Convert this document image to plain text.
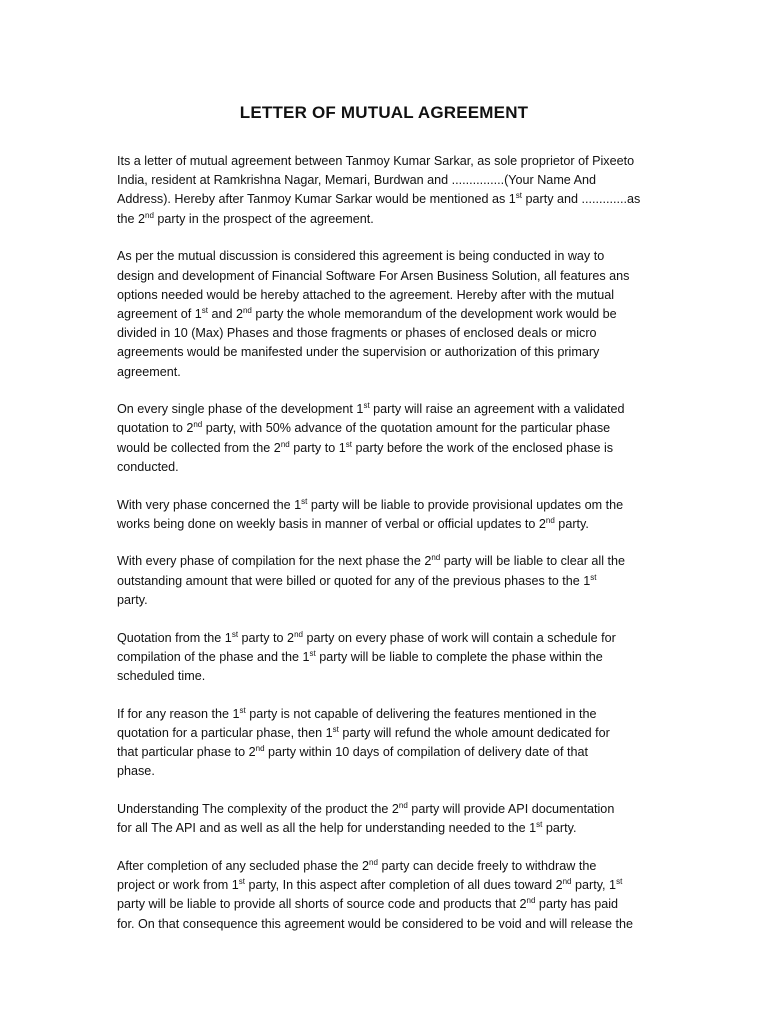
LETTER OF MUTUAL AGREEMENT

Its a letter of mutual agreement between Tanmoy Kumar Sarkar, as sole proprietor of Pixeeto
India, resident at Ramkrishna Nagar, Memari, Burdwan and ...............(Your Name And
Address). Hereby after Tanmoy Kumar Sarkar would be mentioned as 1st party and .............as
the 2nd party in the prospect of the agreement.

As per the mutual discussion is considered this agreement is being conducted in way to
design and development of Financial Software For Arsen Business Solution, all features ans
options needed would be hereby attached to the agreement. Hereby after with the mutual
agreement of 1st and 2nd party the whole memorandum of the development work would be
divided in 10 (Max) Phases and those fragments or phases of enclosed deals or micro
agreements would be manifested under the supervision or authorization of this primary
agreement.

On every single phase of the development 1st party will raise an agreement with a validated
quotation to 2nd party, with 50% advance of the quotation amount for the particular phase
would be collected from the 2nd party to 1st party before the work of the enclosed phase is
conducted.

With very phase concerned the 1st party will be liable to provide provisional updates om the
works being done on weekly basis in manner of verbal or official updates to 2nd party.

With every phase of compilation for the next phase the 2nd party will be liable to clear all the
outstanding amount that were billed or quoted for any of the previous phases to the 1st
party.

Quotation from the 1st party to 2nd party on every phase of work will contain a schedule for
compilation of the phase and the 1st party will be liable to complete the phase within the
scheduled time.

If for any reason the 1st party is not capable of delivering the features mentioned in the
quotation for a particular phase, then 1st party will refund the whole amount dedicated for
that particular phase to 2nd party within 10 days of compilation of delivery date of that
phase.

Understanding The complexity of the product the 2nd party will provide API documentation
for all The API and as well as all the help for understanding needed to the 1st party.

After completion of any secluded phase the 2nd party can decide freely to withdraw the
project or work from 1st party, In this aspect after completion of all dues toward 2nd party, 1st
party will be liable to provide all shorts of source code and products that 2nd party has paid
for. On that consequence this agreement would be considered to be void and will release the
